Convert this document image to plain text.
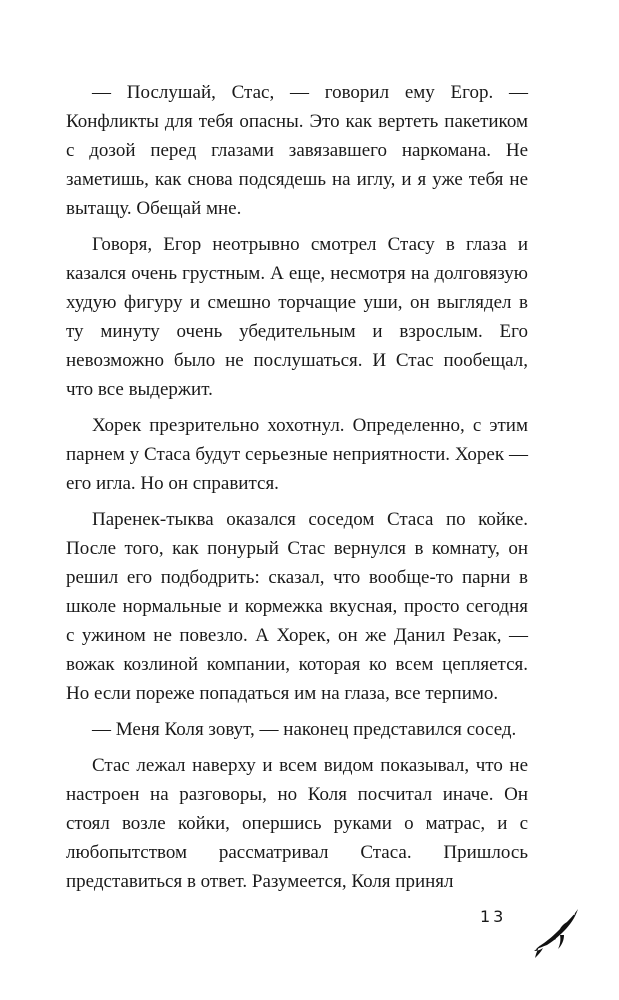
— Послушай, Стас, — говорил ему Егор. — Конфликты для тебя опасны. Это как вертеть пакетиком с дозой перед глазами завязавшего наркомана. Не заметишь, как снова подсядешь на иглу, и я уже тебя не вытащу. Обещай мне.

Говоря, Егор неотрывно смотрел Стасу в глаза и казался очень грустным. А еще, несмотря на долговязую худую фигуру и смешно торчащие уши, он выглядел в ту минуту очень убедительным и взрослым. Его невозможно было не послушаться. И Стас пообещал, что все выдержит.

Хорек презрительно хохотнул. Определенно, с этим парнем у Стаса будут серьезные неприятности. Хорек — его игла. Но он справится.

Паренек-тыква оказался соседом Стаса по койке. После того, как понурый Стас вернулся в комнату, он решил его подбодрить: сказал, что вообще-то парни в школе нормальные и кормежка вкусная, просто сегодня с ужином не повезло. А Хорек, он же Данил Резак, — вожак козлиной компании, которая ко всем цепляется. Но если пореже попадаться им на глаза, все терпимо.

— Меня Коля зовут, — наконец представился сосед.

Стас лежал наверху и всем видом показывал, что не настроен на разговоры, но Коля посчитал иначе. Он стоял возле койки, опершись руками о матрас, и с любопытством рассматривал Стаса. Пришлось представиться в ответ. Разумеется, Коля принял

13
